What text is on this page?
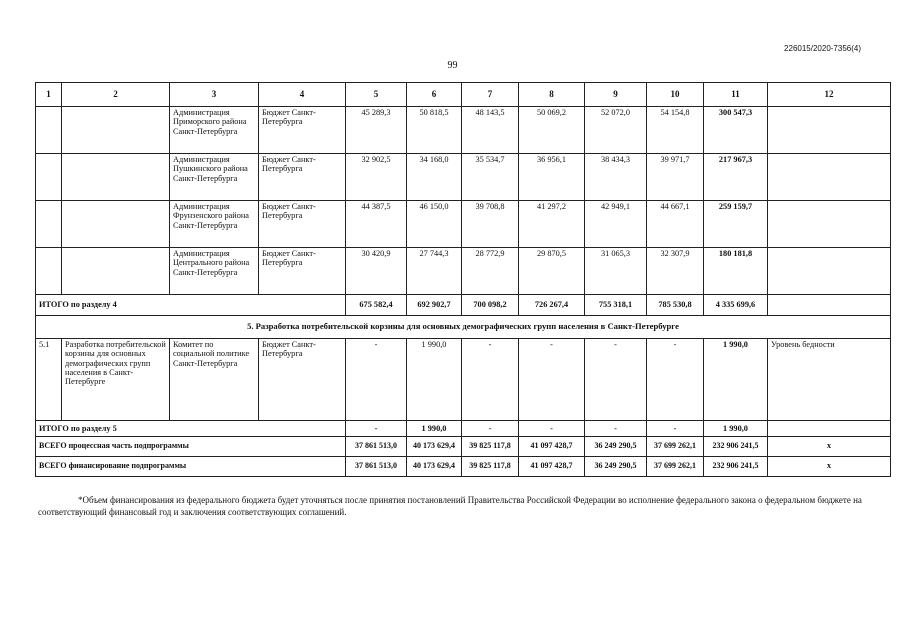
226015/2020-7356(4)
99
1	2	3	4	5	6	7	8	9	10	11	12
		Администрация Приморского района Санкт-Петербурга	Бюджет Санкт-Петербурга	45 289,3	50 818,5	48 143,5	50 069,2	52 072,0	54 154,8	300 547,3	
		Администрация Пушкинского района Санкт-Петербурга	Бюджет Санкт-Петербурга	32 902,5	34 168,0	35 534,7	36 956,1	38 434,3	39 971,7	217 967,3	
		Администрация Фрунзенского района Санкт-Петербурга	Бюджет Санкт-Петербурга	44 387,5	46 150,0	39 708,8	41 297,2	42 949,1	44 667,1	259 159,7	
		Администрация Центрального района Санкт-Петербурга	Бюджет Санкт-Петербурга	30 420,9	27 744,3	28 772,9	29 870,5	31 065,3	32 307,9	180 181,8	
ИТОГО по разделу 4				675 582,4	692 902,7	700 098,2	726 267,4	755 318,1	785 530,8	4 335 699,6	
5. Разработка потребительской корзины для основных демографических групп населения в Санкт-Петербурге											
5.1	Разработка потребительской корзины для основных демографических групп населения в Санкт-Петербурге	Комитет по социальной политике Санкт-Петербурга	Бюджет Санкт-Петербурга	-	1 990,0	-	-	-	-	1 990,0	Уровень бедности
ИТОГО по разделу 5				-	1 990,0	-	-	-	-	1 990,0	
ВСЕГО процессная часть подпрограммы				37 861 513,0	40 173 629,4	39 825 117,8	41 097 428,7	36 249 290,5	37 699 262,1	232 906 241,5	х
ВСЕГО финансирование подпрограммы				37 861 513,0	40 173 629,4	39 825 117,8	41 097 428,7	36 249 290,5	37 699 262,1	232 906 241,5	х
*Объем финансирования из федерального бюджета будет уточняться после принятия постановлений Правительства Российской Федерации во исполнение федерального закона о федеральном бюджете на соответствующий финансовый год и заключения соответствующих соглашений.
